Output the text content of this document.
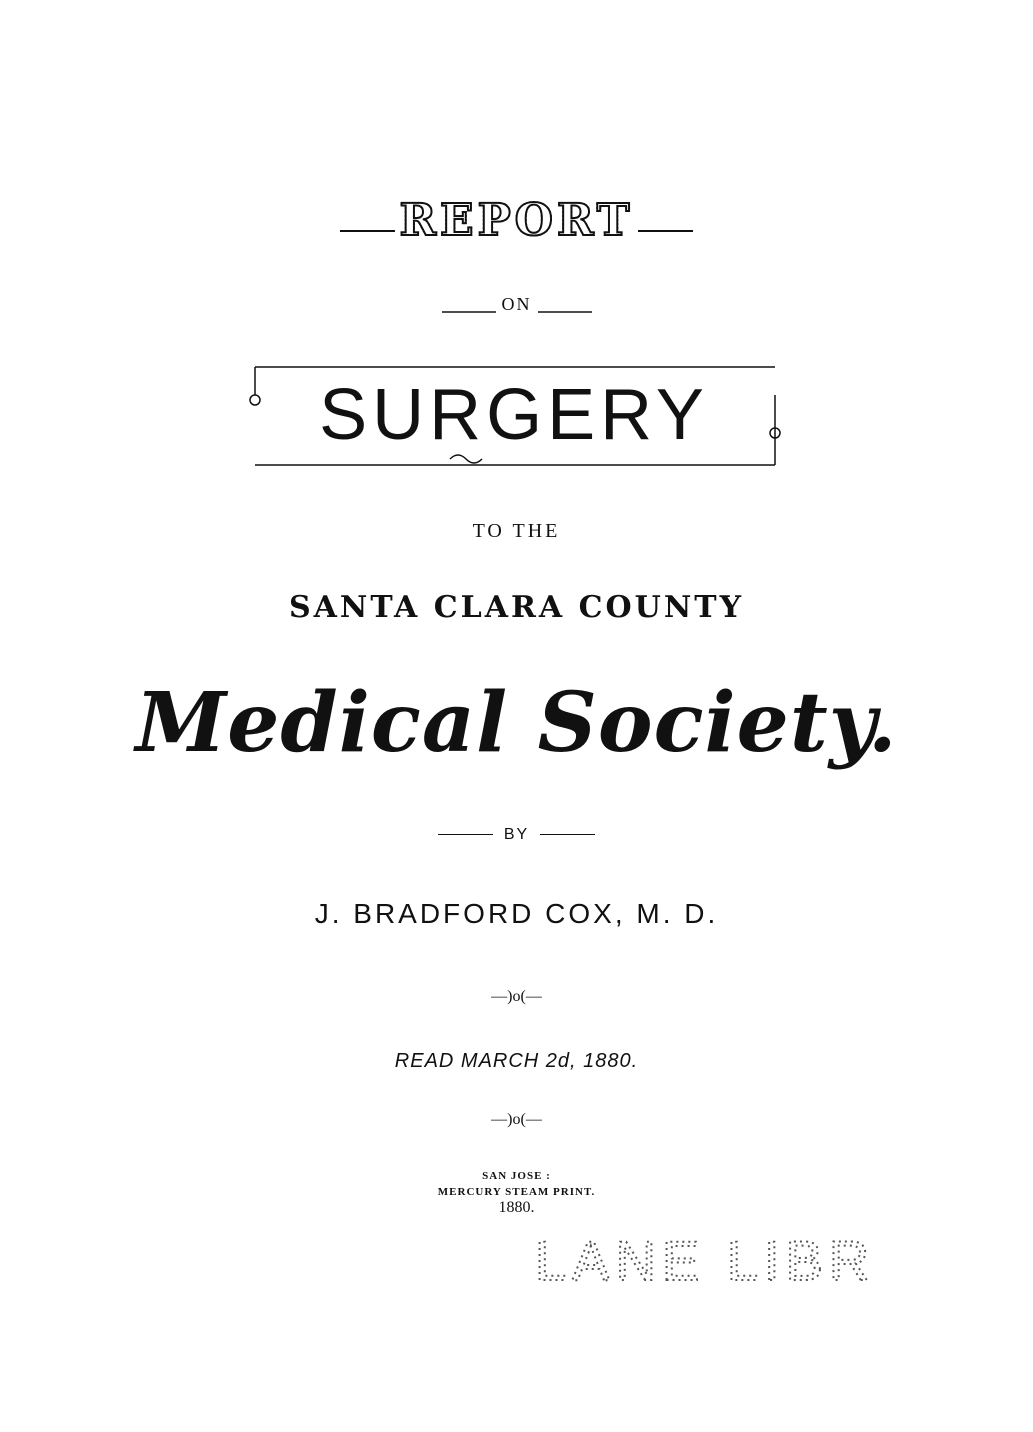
REPORT
ON
SURGERY
TO THE
SANTA CLARA COUNTY
Medical Society.
BY
J. BRADFORD COX, M. D.
—)o(—
READ MARCH 2d, 1880.
—)o(—
SAN JOSE :
MERCURY STEAM PRINT.
1880.
LANE LIBR
